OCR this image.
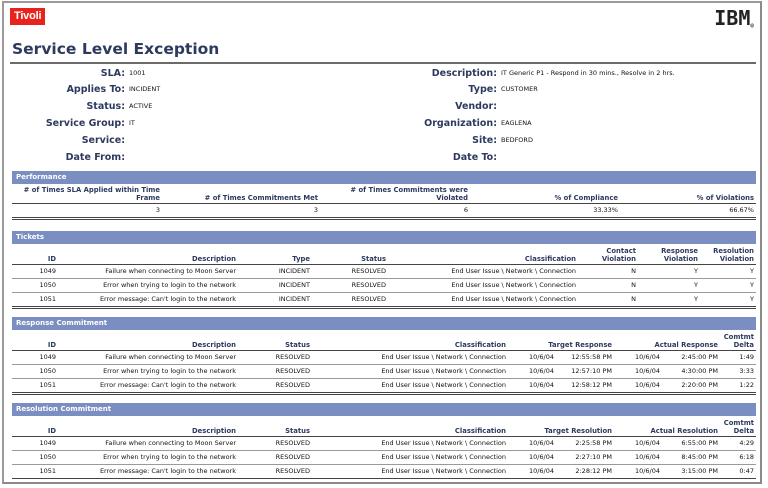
Tivoli	IBM®
Service Level Exception
SLA: 1001
Applies To: INCIDENT
Status: ACTIVE
Service Group: IT
Service:
Date From:
Description: IT Generic P1 - Respond in 30 mins., Resolve in 2 hrs.
Type: CUSTOMER
Vendor:
Organization: EAGLENA
Site: BEDFORD
Date To:
Performance
# of Times SLA Applied within Time Frame	# of Times Commitments Met	# of Times Commitments were Violated	% of Compliance	% of Violations
3	3	6	33.33%	66.67%
Tickets
ID	Description	Type	Status	Classification	Contact Violation	Response Violation	Resolution Violation
1049	Failure when connecting to Moon Server	INCIDENT	RESOLVED	End User Issue \ Network \ Connection	N	Y	Y
1050	Error when trying to login to the network	INCIDENT	RESOLVED	End User Issue \ Network \ Connection	N	Y	Y
1051	Error message: Can't login to the network	INCIDENT	RESOLVED	End User Issue \ Network \ Connection	N	Y	Y
Response Commitment
ID	Description	Status	Classification	Target Response		Actual Response		Comtmt Delta
1049	Failure when connecting to Moon Server	RESOLVED	End User Issue \ Network \ Connection	10/6/04	12:55:58 PM	10/6/04	2:45:00 PM	1:49
1050	Error when trying to login to the network	RESOLVED	End User Issue \ Network \ Connection	10/6/04	12:57:10 PM	10/6/04	4:30:00 PM	3:33
1051	Error message: Can't login to the network	RESOLVED	End User Issue \ Network \ Connection	10/6/04	12:58:12 PM	10/6/04	2:20:00 PM	1:22
Resolution Commitment
ID	Description	Status	Classification	Target Resolution		Actual Resolution		Comtmt Delta
1049	Failure when connecting to Moon Server	RESOLVED	End User Issue \ Network \ Connection	10/6/04	2:25:58 PM	10/6/04	6:55:00 PM	4:29
1050	Error when trying to login to the network	RESOLVED	End User Issue \ Network \ Connection	10/6/04	2:27:10 PM	10/6/04	8:45:00 PM	6:18
1051	Error message: Can't login to the network	RESOLVED	End User Issue \ Network \ Connection	10/6/04	2:28:12 PM	10/6/04	3:15:00 PM	0:47
